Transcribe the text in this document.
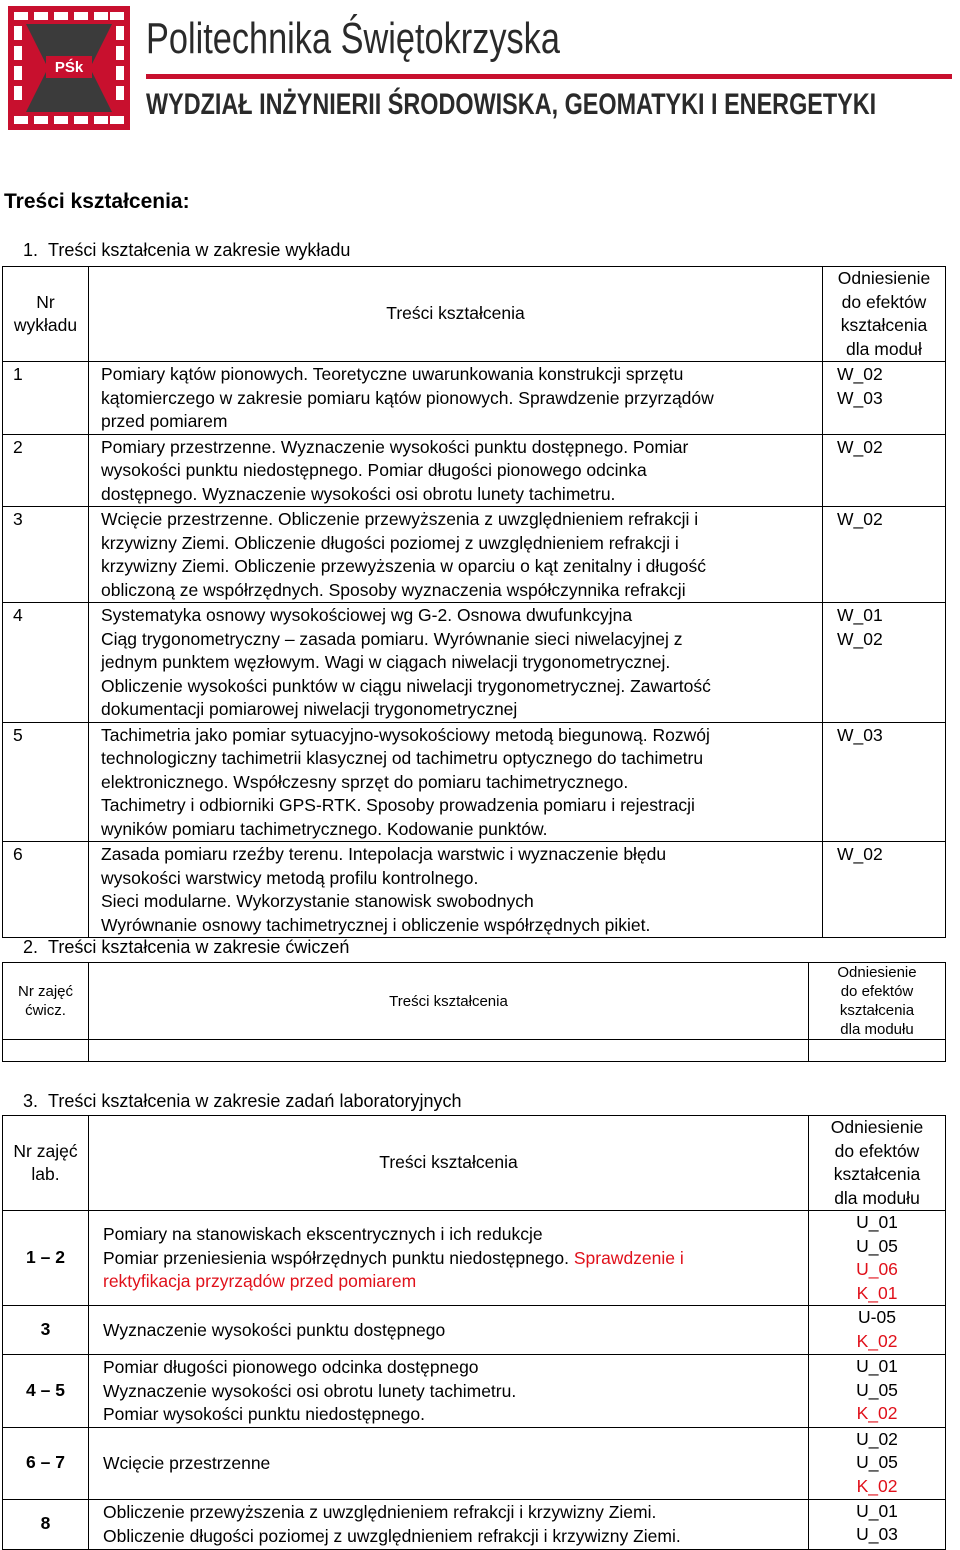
PŚk
Politechnika Świętokrzyska
WYDZIAŁ INŻYNIERII ŚRODOWISKA, GEOMATYKI I ENERGETYKI
Treści kształcenia:
1. Treści kształcenia w zakresie wykładu
Nr
wykładu	Treści kształcenia	Odniesienie
do efektów
kształcenia
dla moduł

1	Pomiary kątów pionowych. Teoretyczne uwarunkowania konstrukcji sprzętu
kątomierczego w zakresie pomiaru kątów pionowych. Sprawdzenie przyrządów
przed pomiarem	W_02
W_03

2	Pomiary przestrzenne. Wyznaczenie wysokości punktu dostępnego. Pomiar
wysokości punktu niedostępnego. Pomiar długości pionowego odcinka
dostępnego. Wyznaczenie wysokości osi obrotu lunety tachimetru.	W_02

3	Wcięcie przestrzenne. Obliczenie przewyższenia z uwzględnieniem refrakcji i
krzywizny Ziemi. Obliczenie długości poziomej z uwzględnieniem refrakcji i
krzywizny Ziemi. Obliczenie przewyższenia w oparciu o kąt zenitalny i długość
obliczoną ze współrzędnych. Sposoby wyznaczenia współczynnika refrakcji	W_02

4	Systematyka osnowy wysokościowej wg G-2. Osnowa dwufunkcyjna
Ciąg trygonometryczny – zasada pomiaru. Wyrównanie sieci niwelacyjnej z
jednym punktem węzłowym. Wagi w ciągach niwelacji trygonometrycznej.
Obliczenie wysokości punktów w ciągu niwelacji trygonometrycznej. Zawartość
dokumentacji pomiarowej niwelacji trygonometrycznej	W_01
W_02

5	Tachimetria jako pomiar sytuacyjno-wysokościowy metodą biegunową. Rozwój
technologiczny tachimetrii klasycznej od tachimetru optycznego do tachimetru
elektronicznego. Współczesny sprzęt do pomiaru tachimetrycznego.
Tachimetry i odbiorniki GPS-RTK. Sposoby prowadzenia pomiaru i rejestracji
wyników pomiaru tachimetrycznego. Kodowanie punktów.	W_03

6	Zasada pomiaru rzeźby terenu. Intepolacja warstwic i wyznaczenie błędu
wysokości warstwicy metodą profilu kontrolnego.
Sieci modularne. Wykorzystanie stanowisk swobodnych
Wyrównanie osnowy tachimetrycznej i obliczenie współrzędnych pikiet.	W_02
2. Treści kształcenia w zakresie ćwiczeń
Nr zajęć
ćwicz.	Treści kształcenia	Odniesienie
do efektów
kształcenia
dla modułu

3. Treści kształcenia w zakresie zadań laboratoryjnych
Nr zajęć
lab.	Treści kształcenia	Odniesienie
do efektów
kształcenia
dla modułu

1 – 2	Pomiary na stanowiskach ekscentrycznych i ich redukcje
Pomiar przeniesienia współrzędnych punktu niedostępnego. Sprawdzenie i
rektyfikacja przyrządów przed pomiarem	U_01
U_05
U_06
K_01

3	Wyznaczenie wysokości punktu dostępnego	U-05
K_02

4 – 5	Pomiar długości pionowego odcinka dostępnego
Wyznaczenie wysokości osi obrotu lunety tachimetru.
Pomiar wysokości punktu niedostępnego.	U_01
U_05
K_02

6 – 7	Wcięcie przestrzenne	U_02
U_05
K_02

8	Obliczenie przewyższenia z uwzględnieniem refrakcji i krzywizny Ziemi.
Obliczenie długości poziomej z uwzględnieniem refrakcji i krzywizny Ziemi.	U_01
U_03
